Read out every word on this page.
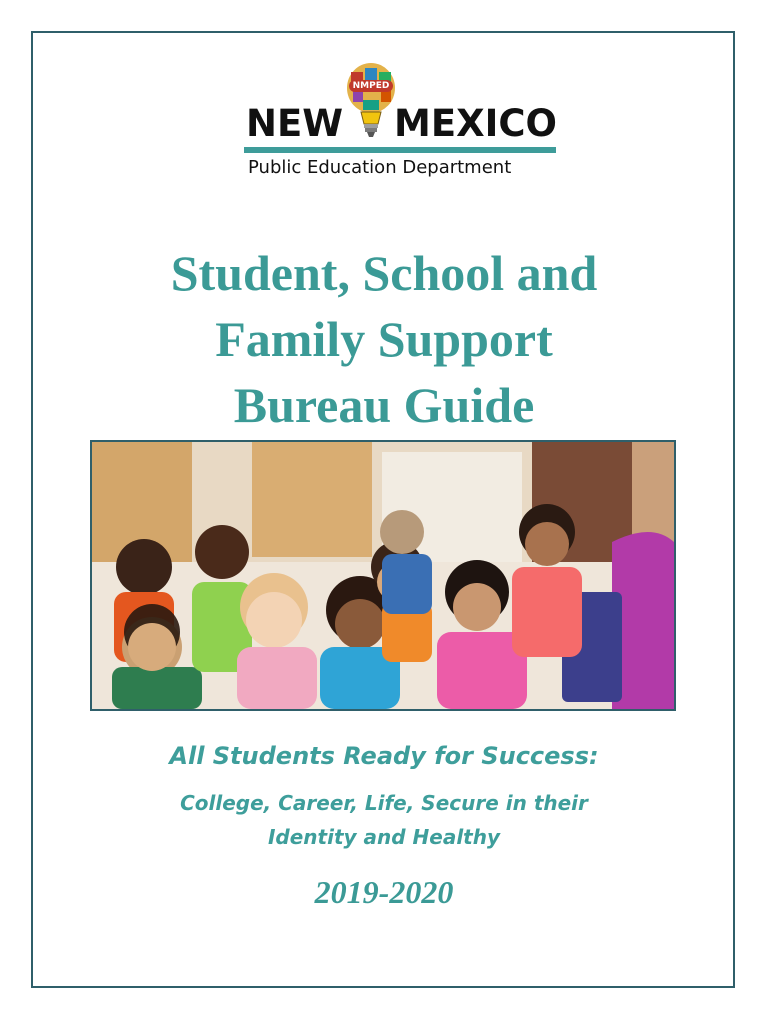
NMPED
NEW MEXICO
Public Education Department
Student, School and
Family Support
Bureau Guide
All Students Ready for Success:
College, Career, Life, Secure in their
Identity and Healthy
2019-2020
